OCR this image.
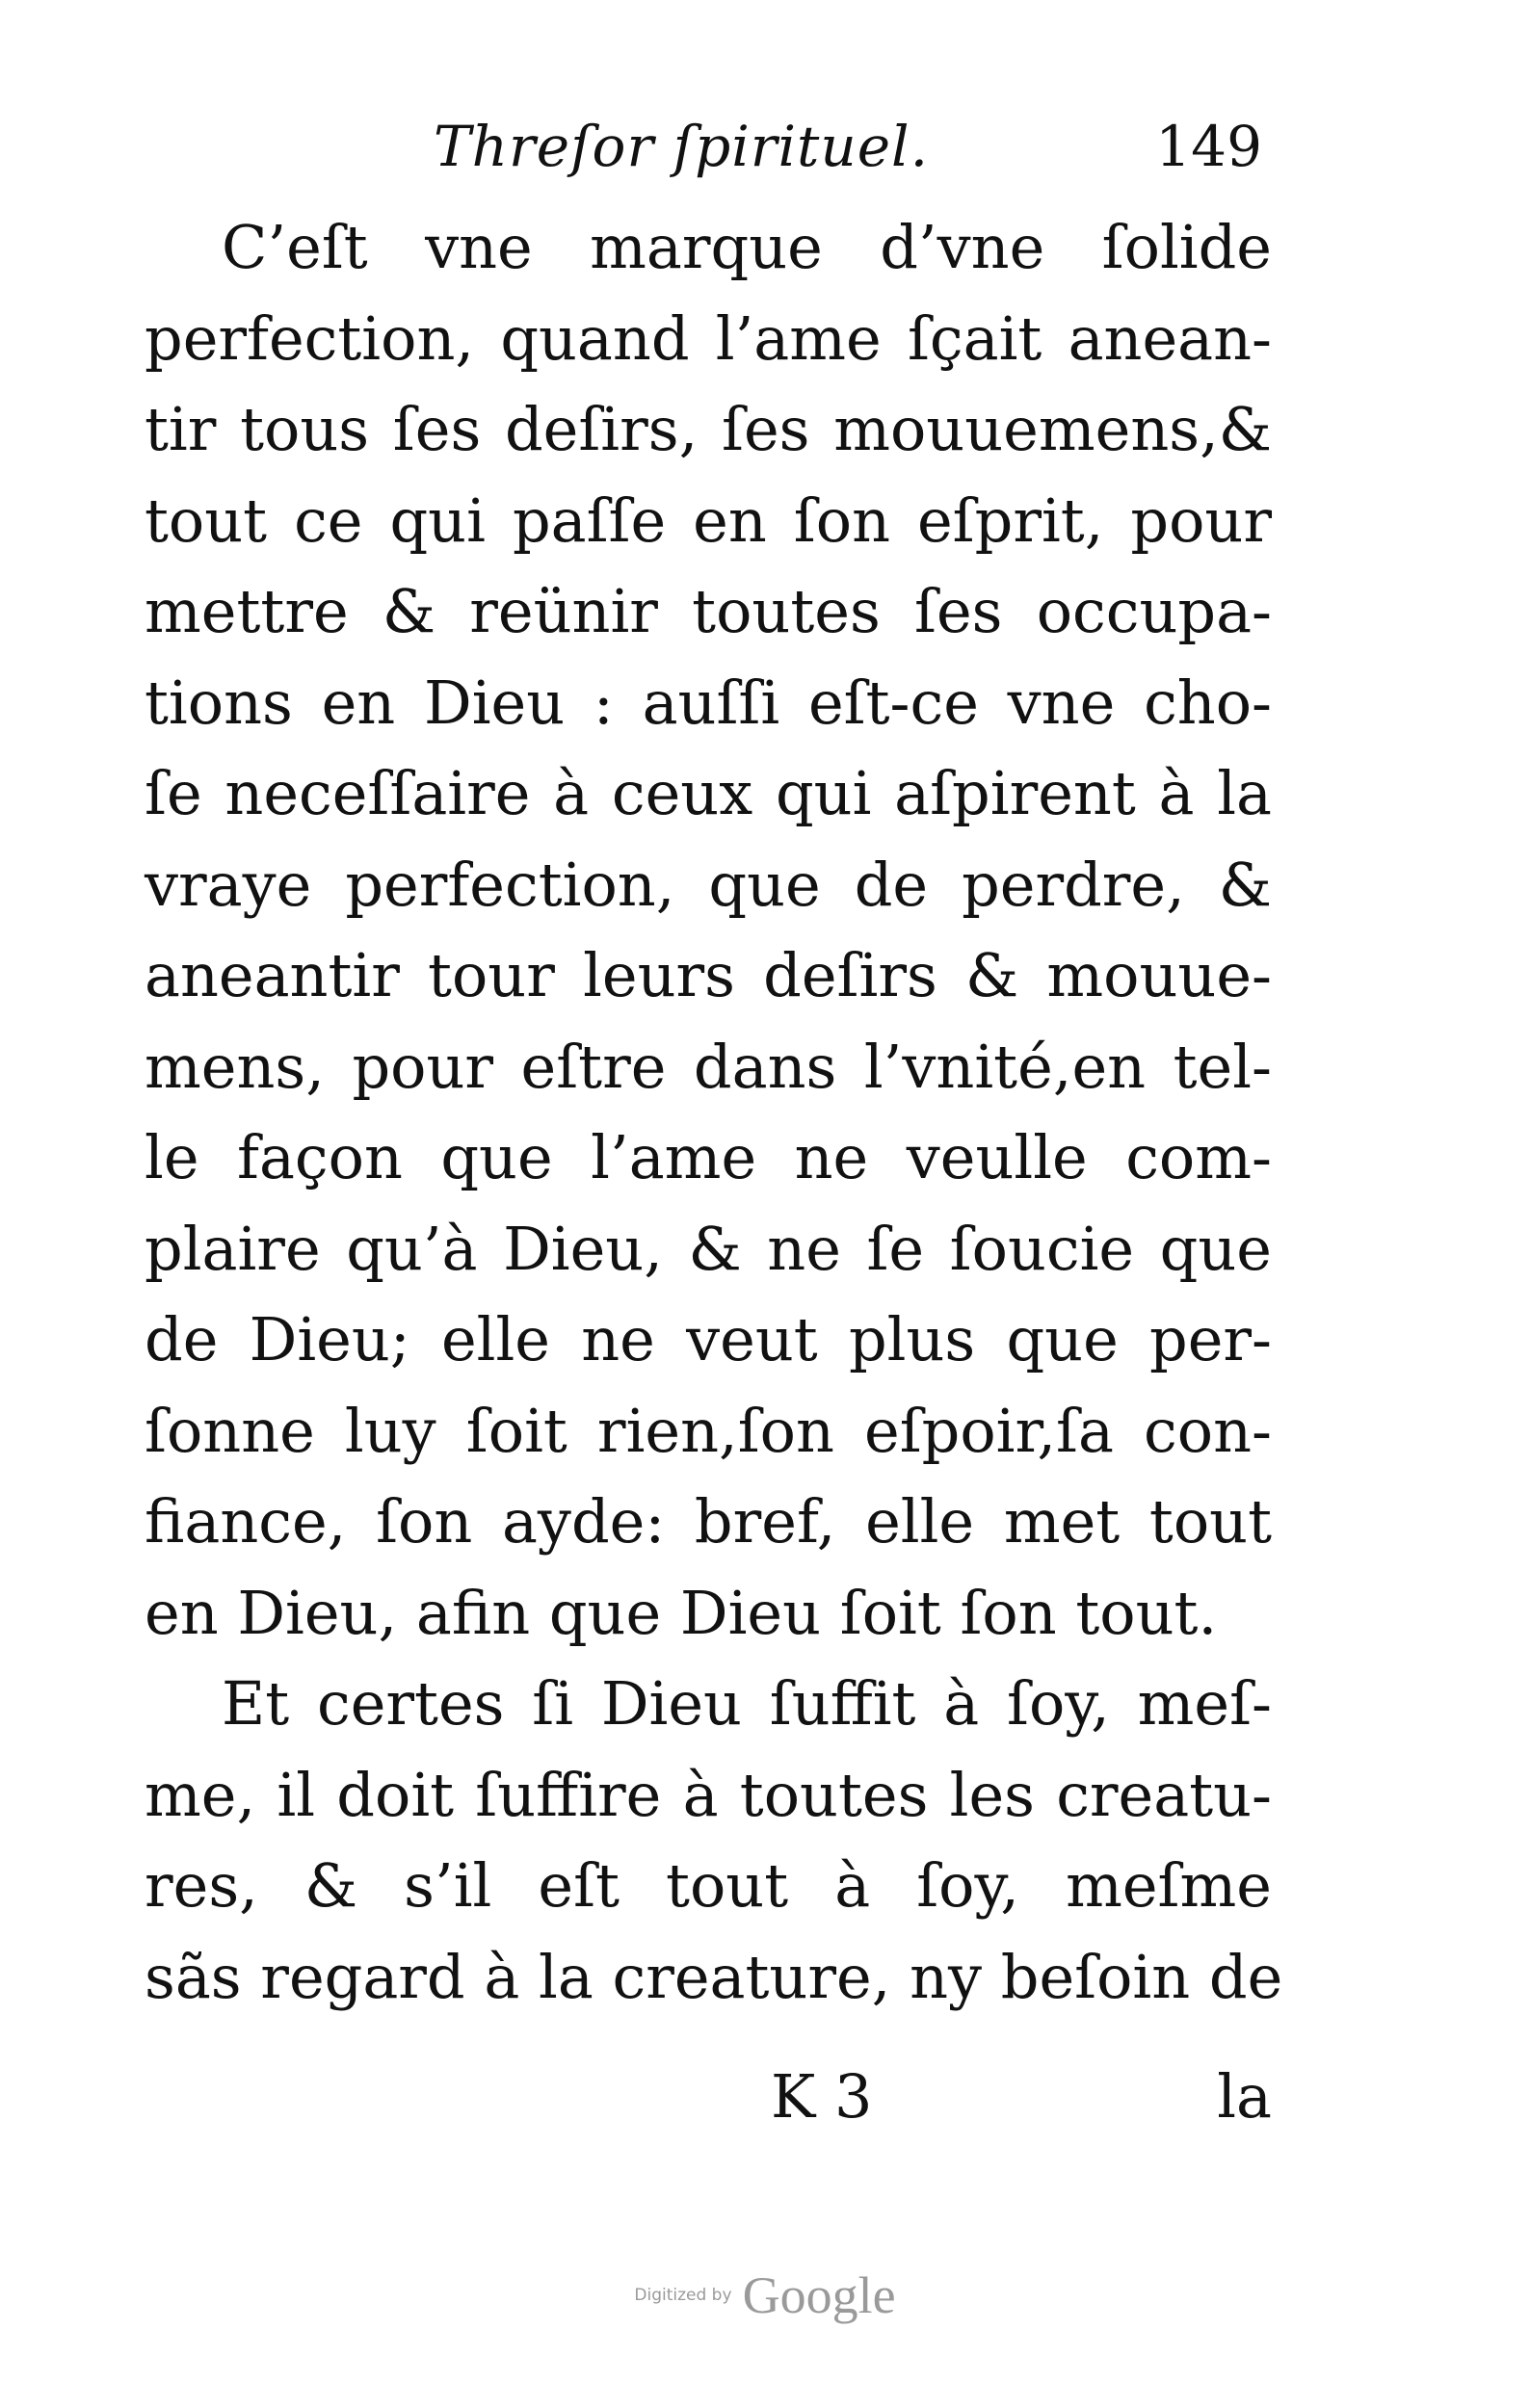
Threſor ſpirituel.	149
C’eſt vne marque d’vne ſolide
perfection, quand l’ame ſçait anean-
tir tous ſes deſirs, ſes mouuemens,&
tout ce qui paſſe en ſon eſprit, pour
mettre & reünir toutes ſes occupa-
tions en Dieu : auſſi eſt-ce vne cho-
ſe neceſſaire à ceux qui aſpirent à la
vraye perfection, que de perdre, &
aneantir tour leurs deſirs & mouue-
mens, pour eſtre dans l’vnité,en tel-
le façon que l’ame ne veulle com-
plaire qu’à Dieu, & ne ſe ſoucie que
de Dieu; elle ne veut plus que per-
ſonne luy ſoit rien,ſon eſpoir,ſa con-
fiance, ſon ayde: bref, elle met tout
en Dieu, afin que Dieu ſoit ſon tout.
Et certes ſi Dieu ſuffit à ſoy, meſ-
me, il doit ſuffire à toutes les creatu-
res, & s’il eſt tout à ſoy, meſme
sãs regard à la creature, ny beſoin de
K 3	la
Digitized by Google
